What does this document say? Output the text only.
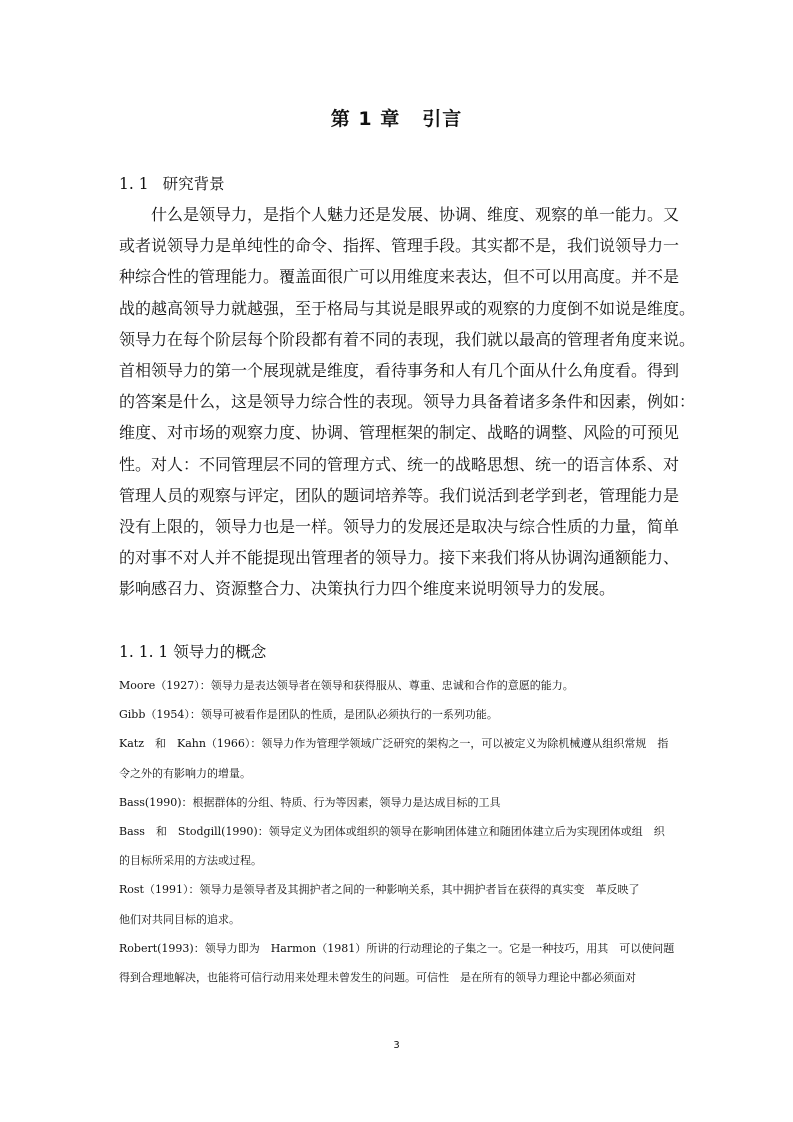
第 1 章 引言
1. 1 研究背景
　　什么是领导力，是指个人魅力还是发展、协调、维度、观察的单一能力。又
或者说领导力是单纯性的命令、指挥、管理手段。其实都不是，我们说领导力一
种综合性的管理能力。覆盖面很广可以用维度来表达，但不可以用高度。并不是
战的越高领导力就越强，至于格局与其说是眼界或的观察的力度倒不如说是维度。
领导力在每个阶层每个阶段都有着不同的表现，我们就以最高的管理者角度来说。
首相领导力的第一个展现就是维度，看待事务和人有几个面从什么角度看。得到
的答案是什么，这是领导力综合性的表现。领导力具备着诸多条件和因素，例如：
维度、对市场的观察力度、协调、管理框架的制定、战略的调整、风险的可预见
性。对人：不同管理层不同的管理方式、统一的战略思想、统一的语言体系、对
管理人员的观察与评定，团队的题词培养等。我们说活到老学到老，管理能力是
没有上限的，领导力也是一样。领导力的发展还是取决与综合性质的力量，简单
的对事不对人并不能提现出管理者的领导力。接下来我们将从协调沟通额能力、
影响感召力、资源整合力、决策执行力四个维度来说明领导力的发展。
1. 1. 1 领导力的概念
Moore（1927）：领导力是表达领导者在领导和获得服从、尊重、忠诚和合作的意愿的能力。
Gibb（1954）：领导可被看作是团队的性质，是团队必须执行的一系列功能。
Katz　和　Kahn（1966）：领导力作为管理学领域广泛研究的架构之一，可以被定义为除机械遵从组织常规　指
令之外的有影响力的增量。
Bass(1990)：根据群体的分组、特质、行为等因素，领导力是达成目标的工具
Bass　和　Stodgill(1990)：领导定义为团体或组织的领导在影响团体建立和随团体建立后为实现团体或组　织
的目标所采用的方法或过程。
Rost（1991）：领导力是领导者及其拥护者之间的一种影响关系，其中拥护者旨在获得的真实变　革反映了
他们对共同目标的追求。
Robert(1993)：领导力即为　Harmon（1981）所讲的行动理论的子集之一。它是一种技巧，用其　可以使问题
得到合理地解决，也能将可信行动用来处理未曾发生的问题。可信性　是在所有的领导力理论中都必须面对
3
